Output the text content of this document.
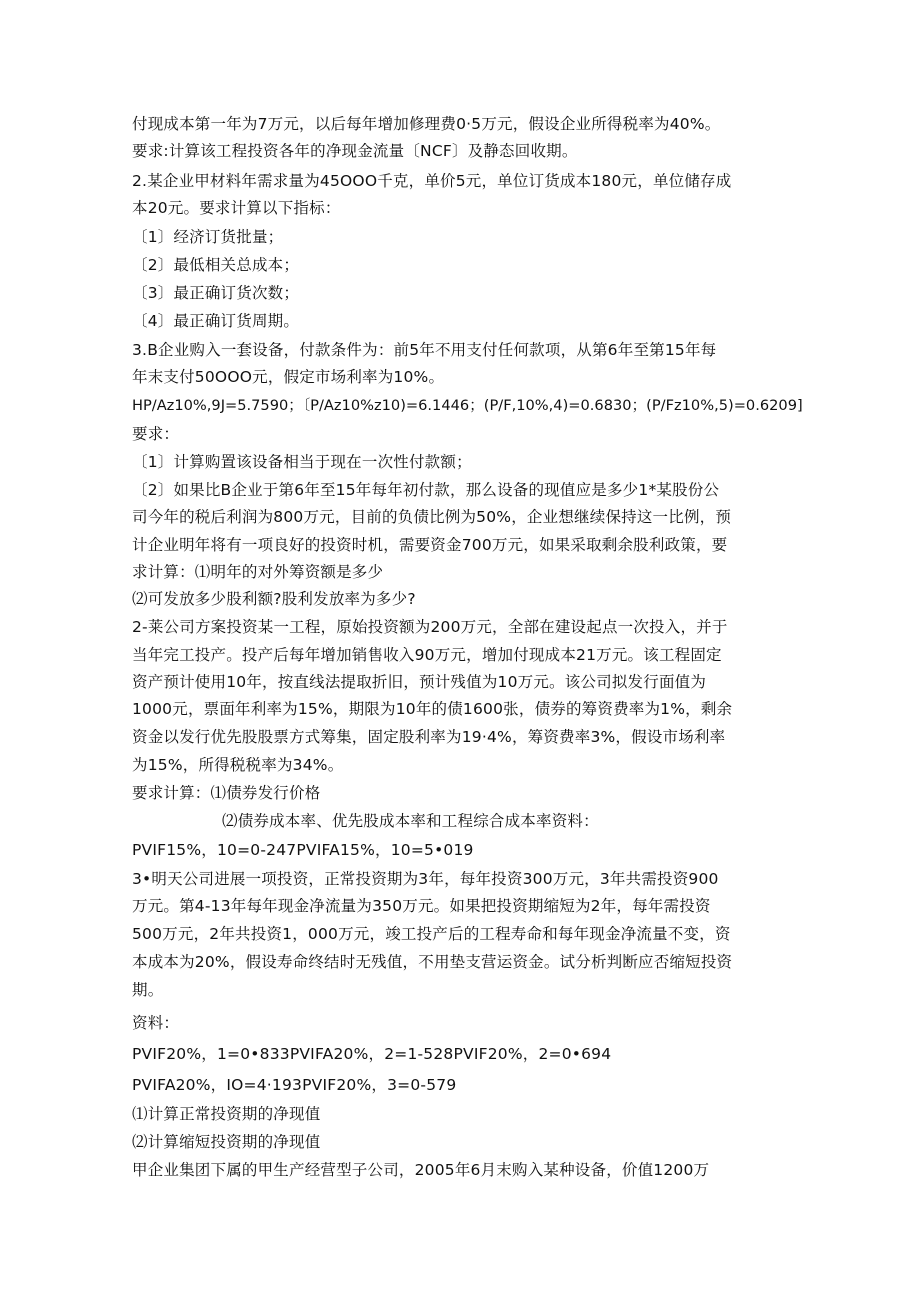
付现成本第一年为7万元，以后每年增加修理费0·5万元，假设企业所得税率为40%。
要求:计算该工程投资各年的净现金流量〔NCF〕及静态回收期。
2.某企业甲材料年需求量为45OOO千克，单价5元，单位订货成本180元，单位储存成
本20元。要求计算以下指标：
〔1〕经济订货批量；
〔2〕最低相关总成本；
〔3〕最正确订货次数；
〔4〕最正确订货周期。
3.B企业购入一套设备，付款条件为：前5年不用支付任何款项，从第6年至第15年每
年末支付50OOO元，假定市场利率为10%。
HP/Az10%,9J=5.7590；〔P/Az10%z10)=6.1446；(P/F,10%,4)=0.6830；(P/Fz10%,5)=0.6209]
要求：
〔1〕计算购置该设备相当于现在一次性付款额；
〔2〕如果比B企业于第6年至15年每年初付款，那么设备的现值应是多少1*某股份公
司今年的税后利润为800万元，目前的负债比例为50%，企业想继续保持这一比例，预
计企业明年将有一项良好的投资时机，需要资金700万元，如果采取剩余股利政策，要
求计算：⑴明年的对外筹资额是多少
⑵可发放多少股利额?股利发放率为多少?
2-莱公司方案投资某一工程，原始投资额为200万元，全部在建设起点一次投入，并于
当年完工投产。投产后每年增加销售收入90万元，增加付现成本21万元。该工程固定
资产预计使用10年，按直线法提取折旧，预计残值为10万元。该公司拟发行面值为
1000元，票面年利率为15%，期限为10年的债1600张，债券的筹资费率为1%，剩余
资金以发行优先股股票方式筹集，固定股利率为19·4%，筹资费率3%，假设市场利率
为15%，所得税税率为34%。
要求计算：⑴债券发行价格
⑵债券成本率、优先股成本率和工程综合成本率资料：
PVIF15%，10=0-247PVIFA15%，10=5•019
3•明天公司进展一项投资，正常投资期为3年，每年投资300万元，3年共需投资900
万元。第4-13年每年现金净流量为350万元。如果把投资期缩短为2年，每年需投资
500万元，2年共投资1，000万元，竣工投产后的工程寿命和每年现金净流量不变，资
本成本为20%，假设寿命终结时无残值，不用垫支营运资金。试分析判断应否缩短投资
期。
资料：
PVIF20%，1=0•833PVIFA20%，2=1-528PVIF20%，2=0•694
PVIFA20%，IO=4·193PVIF20%，3=0-579
⑴计算正常投资期的净现值
⑵计算缩短投资期的净现值
甲企业集团下属的甲生产经营型子公司，2005年6月末购入某种设备，价值1200万
